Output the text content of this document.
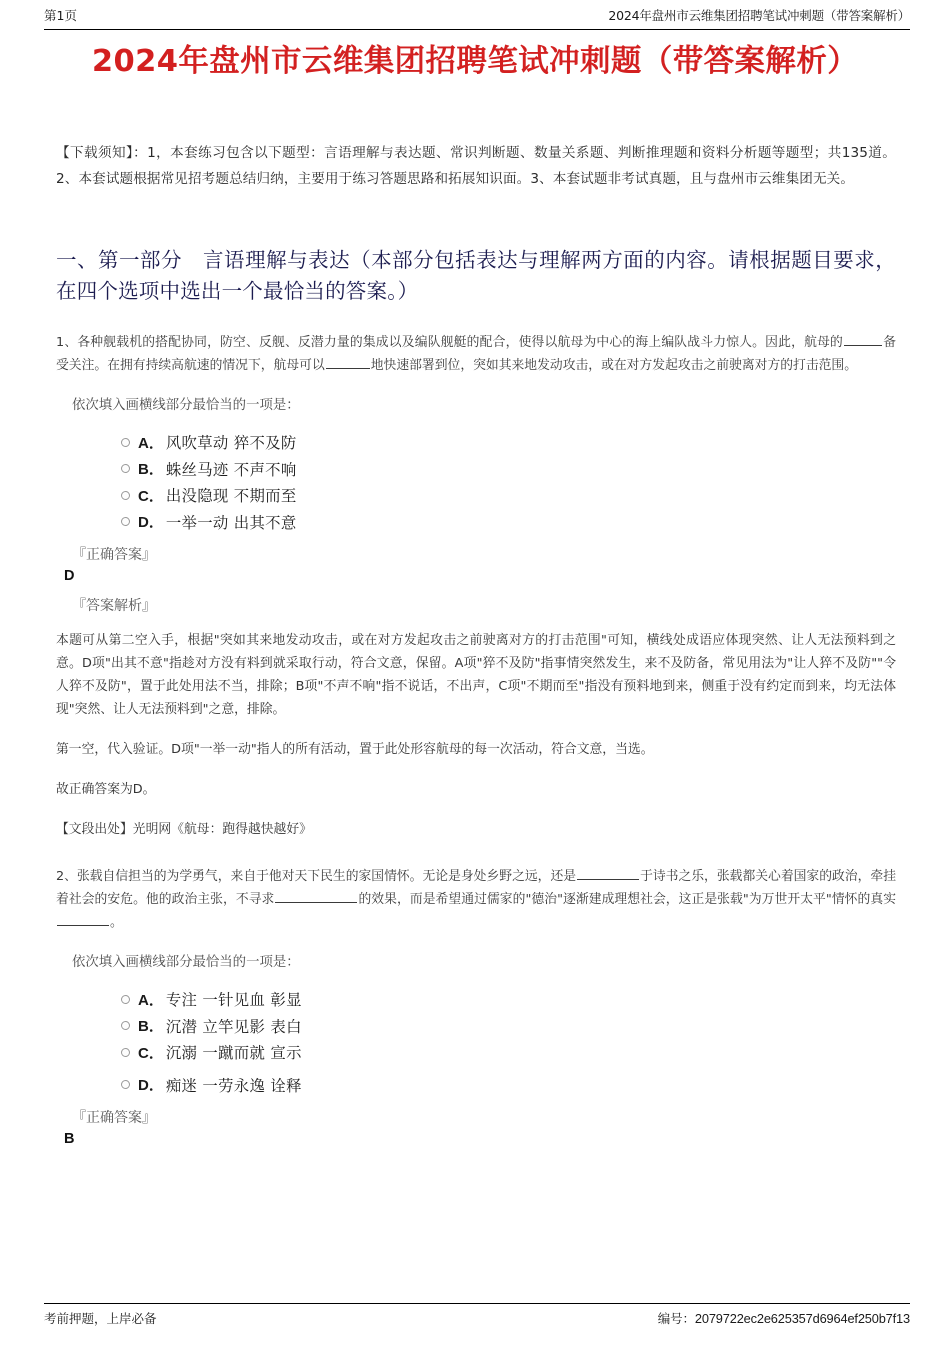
第1页	2024年盘州市云维集团招聘笔试冲刺题（带答案解析）
2024年盘州市云维集团招聘笔试冲刺题（带答案解析）
【下载须知】：1，本套练习包含以下题型：言语理解与表达题、常识判断题、数量关系题、判断推理题和资料分析题等题型；共135道。2、本套试题根据常见招考题总结归纳，主要用于练习答题思路和拓展知识面。3、本套试题非考试真题，且与盘州市云维集团无关。
一、第一部分　言语理解与表达（本部分包括表达与理解两方面的内容。请根据题目要求，在四个选项中选出一个最恰当的答案。）
1、各种舰载机的搭配协同，防空、反舰、反潜力量的集成以及编队舰艇的配合，使得以航母为中心的海上编队战斗力惊人。因此，航母的	备受关注。在拥有持续高航速的情况下，航母可以	地快速部署到位，突如其来地发动攻击，或在对方发起攻击之前驶离对方的打击范围。
依次填入画横线部分最恰当的一项是：
A． 风吹草动 猝不及防
B． 蛛丝马迹 不声不响
C． 出没隐现 不期而至
D． 一举一动 出其不意
『正确答案』
D
『答案解析』
本题可从第二空入手，根据"突如其来地发动攻击，或在对方发起攻击之前驶离对方的打击范围"可知，横线处成语应体现突然、让人无法预料到之意。D项"出其不意"指趁对方没有料到就采取行动，符合文意，保留。A项"猝不及防"指事情突然发生，来不及防备，常见用法为"让人猝不及防""令人猝不及防"，置于此处用法不当，排除；B项"不声不响"指不说话，不出声，C项"不期而至"指没有预料地到来，侧重于没有约定而到来，均无法体现"突然、让人无法预料到"之意，排除。
第一空，代入验证。D项"一举一动"指人的所有活动，置于此处形容航母的每一次活动，符合文意，当选。
故正确答案为D。
【文段出处】光明网《航母：跑得越快越好》
2、张载自信担当的为学勇气，来自于他对天下民生的家国情怀。无论是身处乡野之远，还是	于诗书之乐，张载都关心着国家的政治，牵挂着社会的安危。他的政治主张，不寻求	的效果，而是希望通过儒家的"德治"逐渐建成理想社会，这正是张载"为万世开太平"情怀的真实。
依次填入画横线部分最恰当的一项是：
A． 专注 一针见血 彰显
B． 沉潜 立竿见影 表白
C． 沉溺 一蹴而就 宣示
D． 痴迷 一劳永逸 诠释
『正确答案』
B
考前押题，上岸必备	编号：2079722ec2e625357d6964ef250b7f13
